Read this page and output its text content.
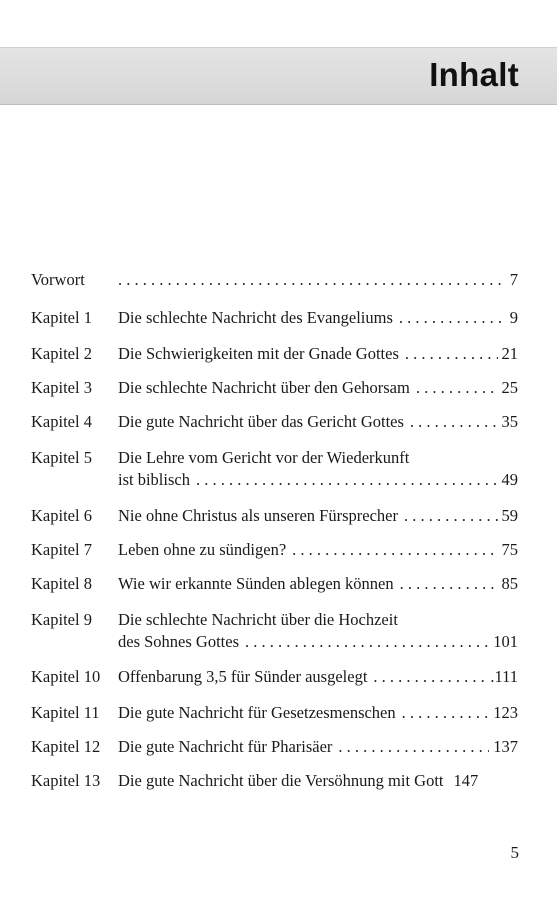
Inhalt
Vorwort . . .	7
Kapitel 1 Die schlechte Nachricht des Evangeliums . . .	9
Kapitel 2 Die Schwierigkeiten mit der Gnade Gottes . . .	21
Kapitel 3 Die schlechte Nachricht über den Gehorsam . . .	25
Kapitel 4 Die gute Nachricht über das Gericht Gottes . . .	35
Kapitel 5 Die Lehre vom Gericht vor der Wiederkunft
ist biblisch . . .	49
Kapitel 6 Nie ohne Christus als unseren Fürsprecher . . .	59
Kapitel 7 Leben ohne zu sündigen? . . .	75
Kapitel 8 Wie wir erkannte Sünden ablegen können . . .	85
Kapitel 9 Die schlechte Nachricht über die Hochzeit
des Sohnes Gottes . . .	101
Kapitel 10 Offenbarung 3,5 für Sünder ausgelegt . . .	.111
Kapitel 11 Die gute Nachricht für Gesetzesmenschen . . .	123
Kapitel 12 Die gute Nachricht für Pharisäer . . .	137
Kapitel 13 Die gute Nachricht über die Versöhnung mit Gott 147
5
